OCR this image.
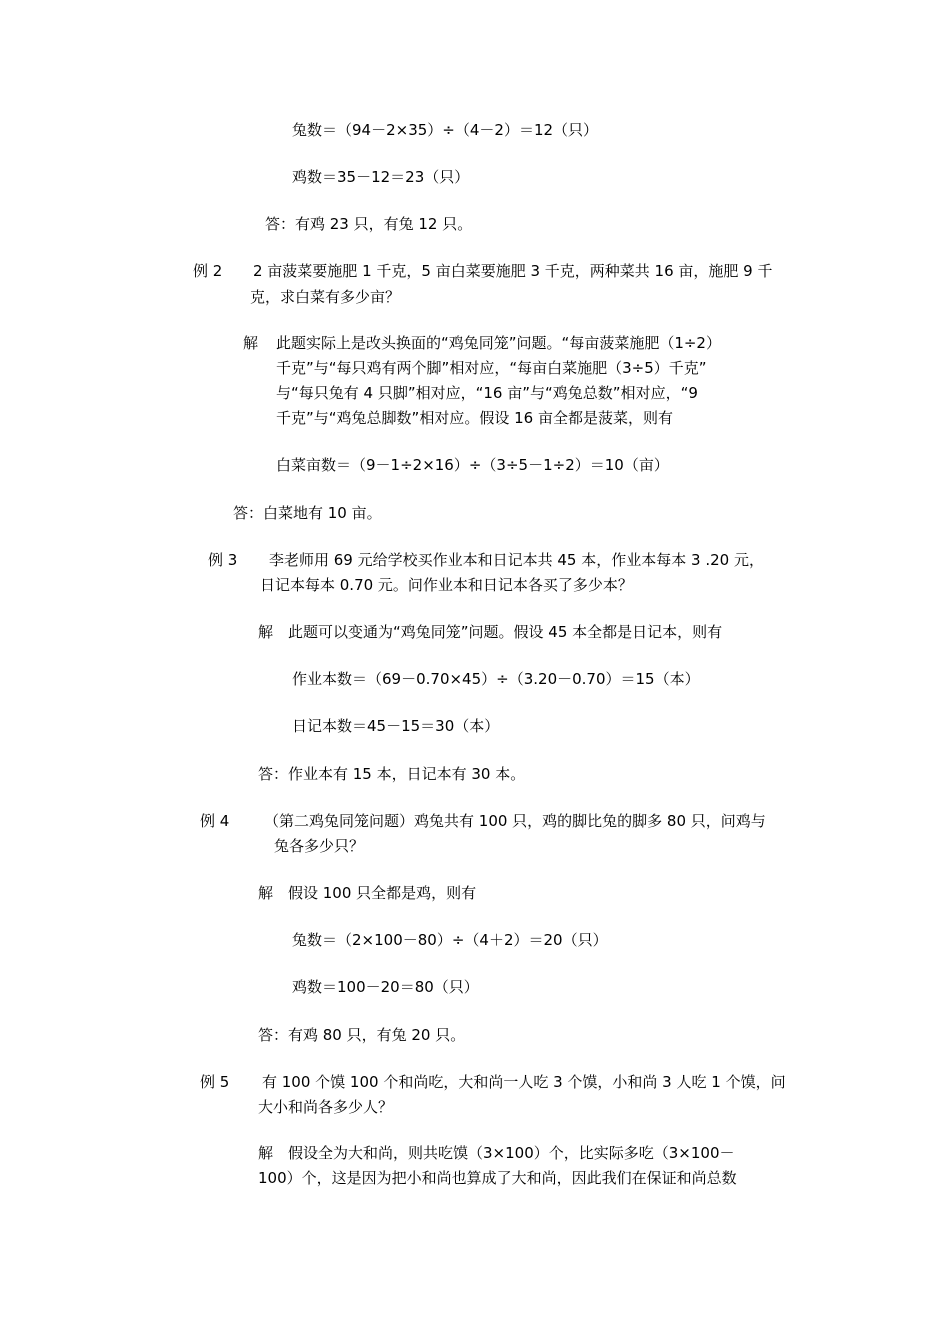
兔数＝（94－2×35）÷（4－2）＝12（只）
鸡数＝35－12＝23（只）
答：有鸡 23 只，有兔 12 只。
例 2 2 亩菠菜要施肥 1 千克，5 亩白菜要施肥 3 千克，两种菜共 16 亩，施肥 9 千
克，求白菜有多少亩？
解 此题实际上是改头换面的“鸡兔同笼”问题。“每亩菠菜施肥（1÷2）
千克”与“每只鸡有两个脚”相对应，“每亩白菜施肥（3÷5）千克”
与“每只兔有 4 只脚”相对应，“16 亩”与“鸡兔总数”相对应，“9
千克”与“鸡兔总脚数”相对应。假设 16 亩全都是菠菜，则有
白菜亩数＝（9－1÷2×16）÷（3÷5－1÷2）＝10（亩）
答：白菜地有 10 亩。
例 3 李老师用 69 元给学校买作业本和日记本共 45 本，作业本每本 3 .20 元，
日记本每本 0.70 元。问作业本和日记本各买了多少本？
解　此题可以变通为“鸡兔同笼”问题。假设 45 本全都是日记本，则有
作业本数＝（69－0.70×45）÷（3.20－0.70）＝15（本）
日记本数＝45－15＝30（本）
答：作业本有 15 本，日记本有 30 本。
例 4 （第二鸡兔同笼问题）鸡兔共有 100 只，鸡的脚比兔的脚多 80 只，问鸡与
兔各多少只？
解　假设 100 只全都是鸡，则有
兔数＝（2×100－80）÷（4＋2）＝20（只）
鸡数＝100－20＝80（只）
答：有鸡 80 只，有兔 20 只。
例 5 有 100 个馍 100 个和尚吃，大和尚一人吃 3 个馍，小和尚 3 人吃 1 个馍，问
大小和尚各多少人？
解　假设全为大和尚，则共吃馍（3×100）个，比实际多吃（3×100－
100）个，这是因为把小和尚也算成了大和尚，因此我们在保证和尚总数
